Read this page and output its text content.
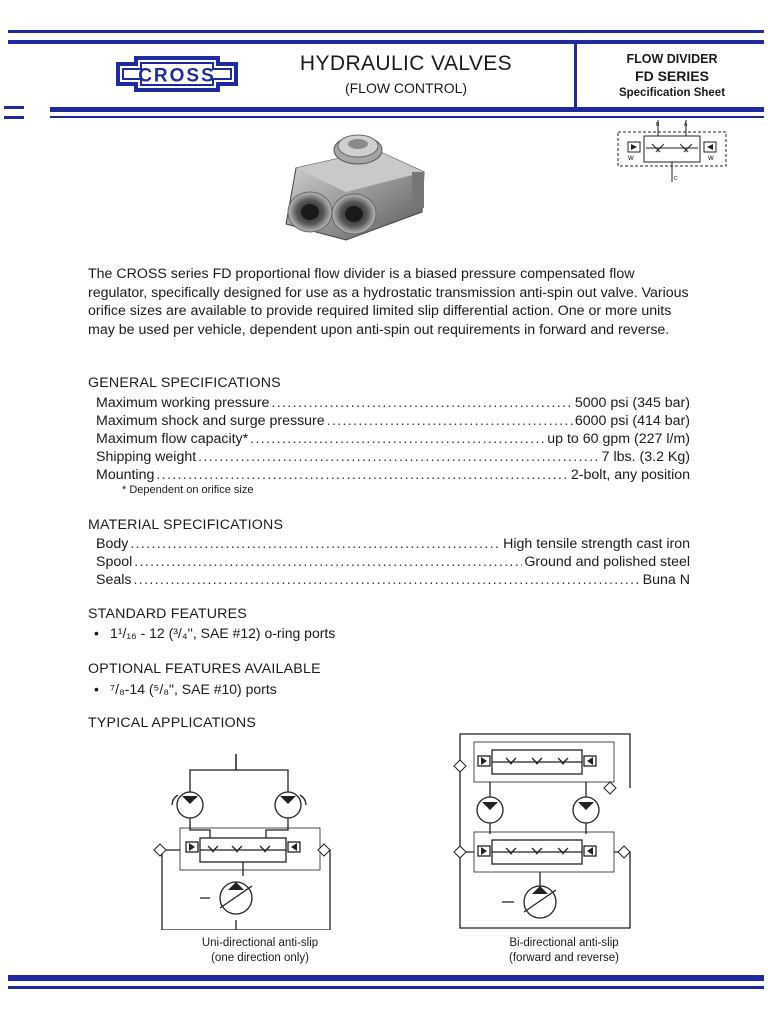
CROSS
HYDRAULIC VALVES
(FLOW CONTROL)
FLOW DIVIDER
FD SERIES
Specification Sheet
B	A
C
W	W
The CROSS series FD proportional flow divider is a biased pressure compensated flow regulator, specifically designed for use as a hydrostatic transmission anti-spin out valve. Various orifice sizes are available to provide required limited slip differential action. One or more units may be used per vehicle, dependent upon anti-spin out requirements in forward and reverse.
GENERAL SPECIFICATIONS
Maximum working pressure . . .	5000 psi (345 bar)
Maximum shock and surge pressure . . .	6000 psi (414 bar)
Maximum flow capacity* . . .	up to 60 gpm (227 l/m)
Shipping weight . . .	7 lbs. (3.2 Kg)
Mounting . . .	2-bolt, any position
* Dependent on orifice size
MATERIAL SPECIFICATIONS
Body . . .	High tensile strength cast iron
Spool . . .	Ground and polished steel
Seals . . .	Buna N
STANDARD FEATURES
• 1¹/₁₆ - 12 (³/₄'', SAE #12) o-ring ports
OPTIONAL FEATURES AVAILABLE
• ⁷/₈-14 (⁵/₈", SAE #10) ports
TYPICAL APPLICATIONS
Uni-directional anti-slip
(one direction only)
Bi-directional anti-slip
(forward and reverse)
